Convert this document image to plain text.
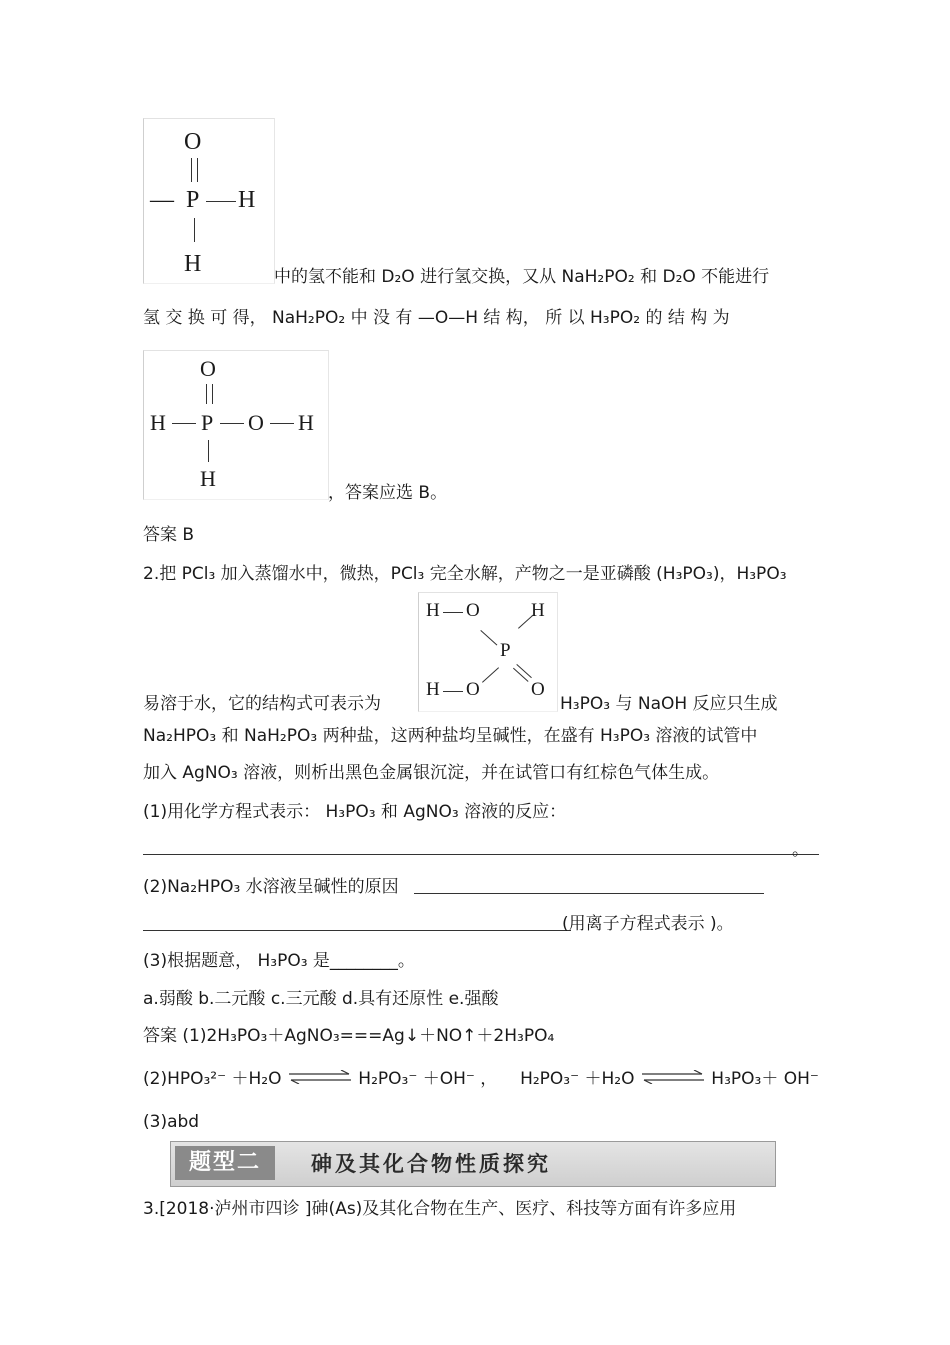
O
— P H
H	中的氢不能和 D₂O 进行氢交换，又从 NaH₂PO₂ 和 D₂O 不能进行
氢 交 换 可 得， NaH₂PO₂ 中 没 有 —O—H 结 构， 所 以 H₃PO₂ 的 结 构 为
O
H P O H
H
，答案应选 B。
答案 B
2.把 PCl₃ 加入蒸馏水中，微热，PCl₃ 完全水解，产物之一是亚磷酸 (H₃PO₃)，H₃PO₃
H O	H
P
H O	O
易溶于水，它的结构式可表示为	H₃PO₃ 与 NaOH 反应只生成
Na₂HPO₃ 和 NaH₂PO₃ 两种盐，这两种盐均呈碱性，在盛有 H₃PO₃ 溶液的试管中
加入 AgNO₃ 溶液，则析出黑色金属银沉淀，并在试管口有红棕色气体生成。
(1)用化学方程式表示： H₃PO₃ 和 AgNO₃ 溶液的反应：
。
(2)Na₂HPO₃ 水溶液呈碱性的原因
(用离子方程式表示 )。
(3)根据题意， H₃PO₃ 是________。
a.弱酸 b.二元酸 c.三元酸 d.具有还原性 e.强酸
答案 (1)2H₃PO₃＋AgNO₃===Ag↓＋NO↑＋2H₃PO₄
(2)HPO₃²⁻ ＋H₂O ⇌ H₂PO₃⁻ ＋OH⁻ ， H₂PO₃⁻ ＋H₂O ⇌ H₃PO₃＋ OH⁻
(3)abd
题型二	砷及其化合物性质探究
3.[2018·泸州市四诊 ]砷(As)及其化合物在生产、医疗、科技等方面有许多应用
